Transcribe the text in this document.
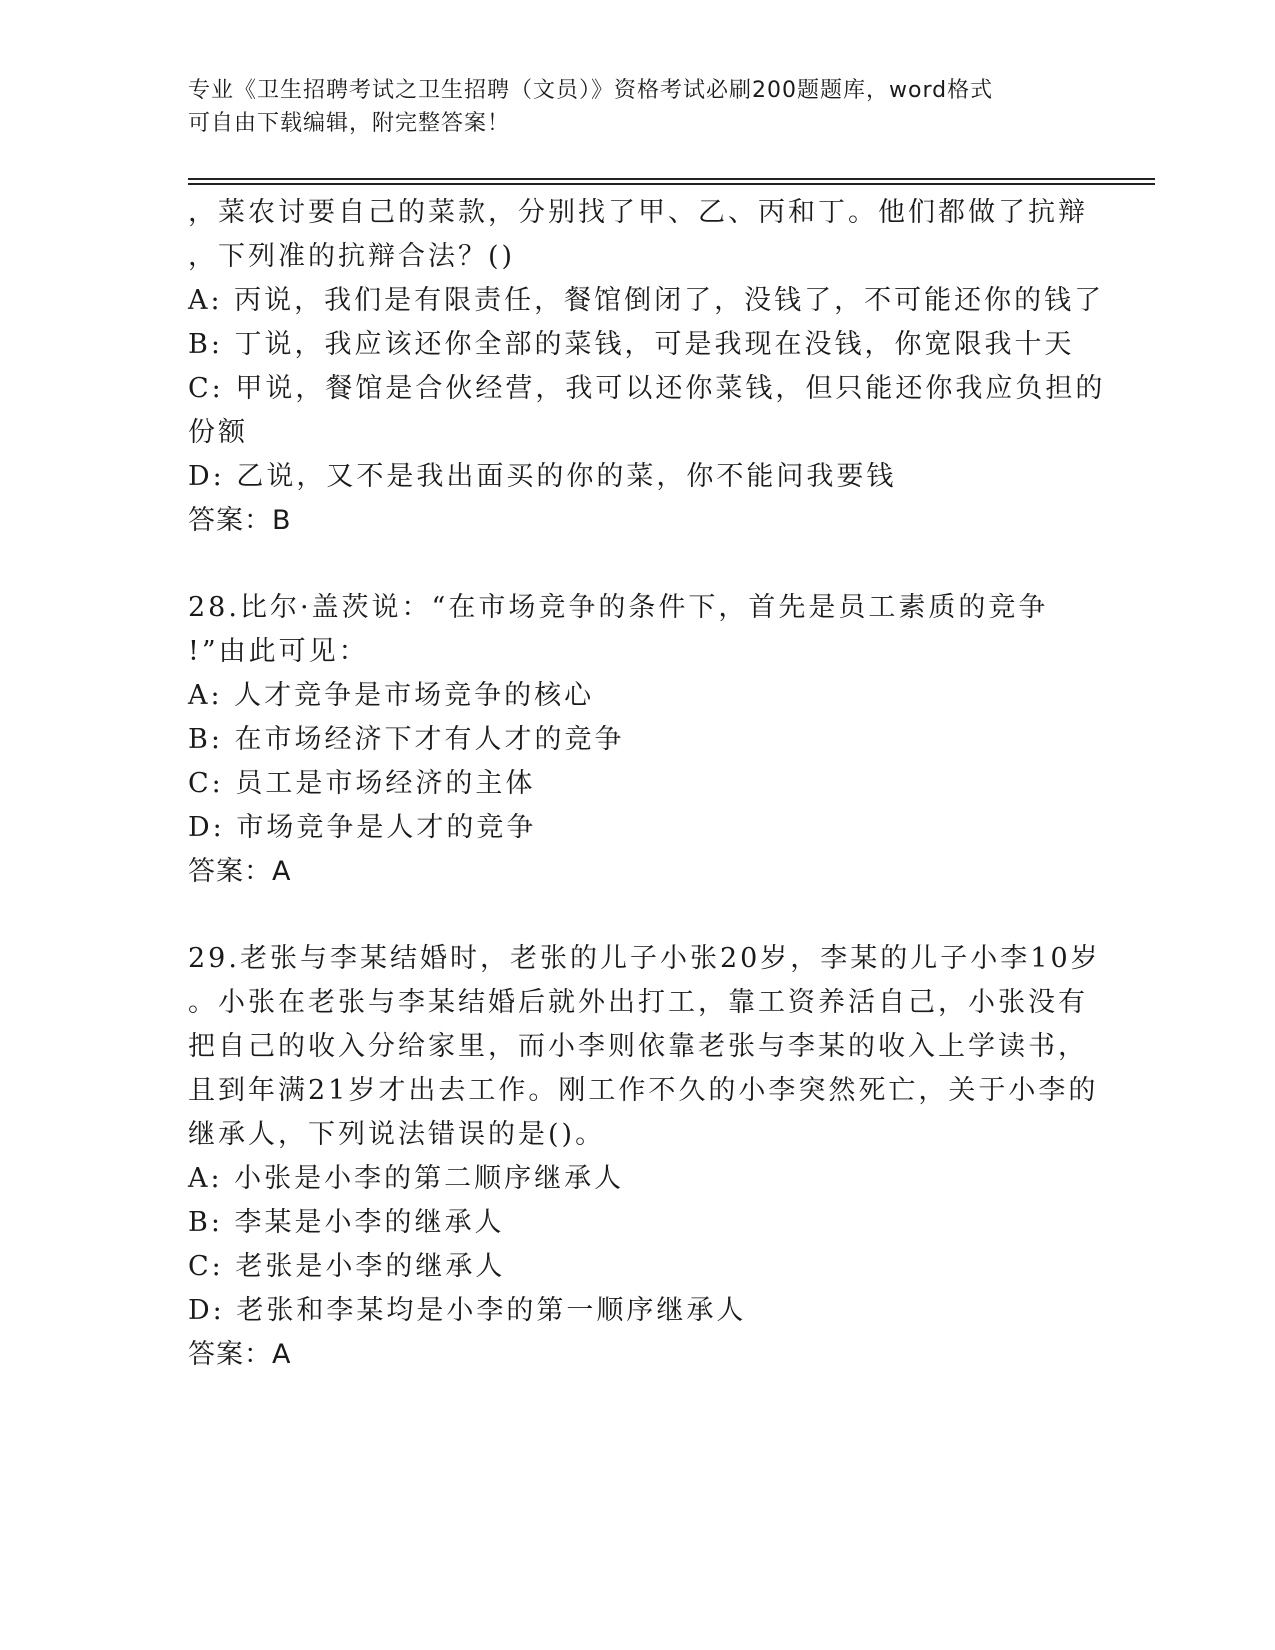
专业《卫生招聘考试之卫生招聘（文员）》资格考试必刷200题题库，word格式
可自由下载编辑，附完整答案！
，菜农讨要自己的菜款，分别找了甲、乙、丙和丁。他们都做了抗辩
，下列准的抗辩合法？()
A: 丙说，我们是有限责任，餐馆倒闭了，没钱了，不可能还你的钱了
B: 丁说，我应该还你全部的菜钱，可是我现在没钱，你宽限我十天
C: 甲说，餐馆是合伙经营，我可以还你菜钱，但只能还你我应负担的
份额
D: 乙说，又不是我出面买的你的菜，你不能问我要钱
答案：B
28.比尔·盖茨说：“在市场竞争的条件下，首先是员工素质的竞争
!”由此可见：
A: 人才竞争是市场竞争的核心
B: 在市场经济下才有人才的竞争
C: 员工是市场经济的主体
D: 市场竞争是人才的竞争
答案：A
29.老张与李某结婚时，老张的儿子小张20岁，李某的儿子小李10岁
。小张在老张与李某结婚后就外出打工，靠工资养活自己，小张没有
把自己的收入分给家里，而小李则依靠老张与李某的收入上学读书，
且到年满21岁才出去工作。刚工作不久的小李突然死亡，关于小李的
继承人，下列说法错误的是()。
A: 小张是小李的第二顺序继承人
B: 李某是小李的继承人
C: 老张是小李的继承人
D: 老张和李某均是小李的第一顺序继承人
答案：A
